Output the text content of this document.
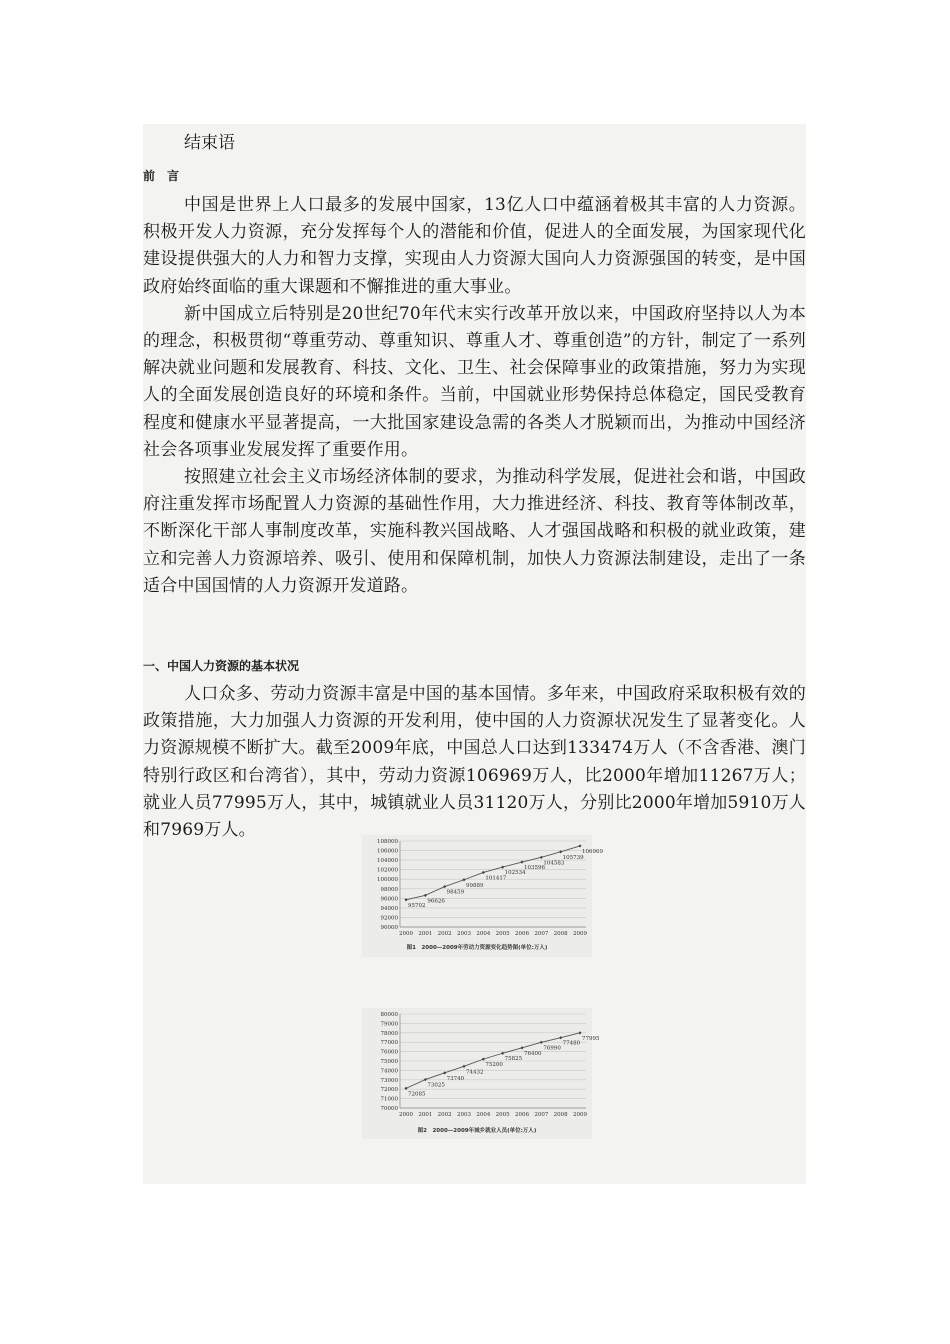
结束语
前　言

中国是世界上人口最多的发展中国家，13亿人口中蕴涵着极其丰富的人力资源。积极开发人力资源，充分发挥每个人的潜能和价值，促进人的全面发展，为国家现代化建设提供强大的人力和智力支撑，实现由人力资源大国向人力资源强国的转变，是中国政府始终面临的重大课题和不懈推进的重大事业。

新中国成立后特别是20世纪70年代末实行改革开放以来，中国政府坚持以人为本的理念，积极贯彻“尊重劳动、尊重知识、尊重人才、尊重创造”的方针，制定了一系列解决就业问题和发展教育、科技、文化、卫生、社会保障事业的政策措施，努力为实现人的全面发展创造良好的环境和条件。当前，中国就业形势保持总体稳定，国民受教育程度和健康水平显著提高，一大批国家建设急需的各类人才脱颖而出，为推动中国经济社会各项事业发展发挥了重要作用。

按照建立社会主义市场经济体制的要求，为推动科学发展，促进社会和谐，中国政府注重发挥市场配置人力资源的基础性作用，大力推进经济、科技、教育等体制改革，不断深化干部人事制度改革，实施科教兴国战略、人才强国战略和积极的就业政策，建立和完善人力资源培养、吸引、使用和保障机制，加快人力资源法制建设，走出了一条适合中国国情的人力资源开发道路。

一、中国人力资源的基本状况

人口众多、劳动力资源丰富是中国的基本国情。多年来，中国政府采取积极有效的政策措施，大力加强人力资源的开发利用，使中国的人力资源状况发生了显著变化。人力资源规模不断扩大。截至2009年底，中国总人口达到133474万人（不含香港、澳门特别行政区和台湾省），其中，劳动力资源106969万人，比2000年增加11267万人；就业人员77995万人，其中，城镇就业人员31120万人，分别比2000年增加5910万人和7969万人。

90000
92000
94000
96000
98000
100000
102000
104000
106000
108000
2000 2001 2002 2003 2004 2005 2006 2007 2008 2009
95702
96626
98459
99889
101417
102534
103596
104583
105739
106969
图1　2000—2009年劳动力资源变化趋势图(单位:万人)
70000
71000
72000
73000
74000
75000
76000
77000
78000
79000
80000
2000 2001 2002 2003 2004 2005 2006 2007 2008 2009
72085
73025
73740
74432
75200
75825
76400
76990
77480
77995
图2　2000—2009年城乡就业人员(单位:万人)
